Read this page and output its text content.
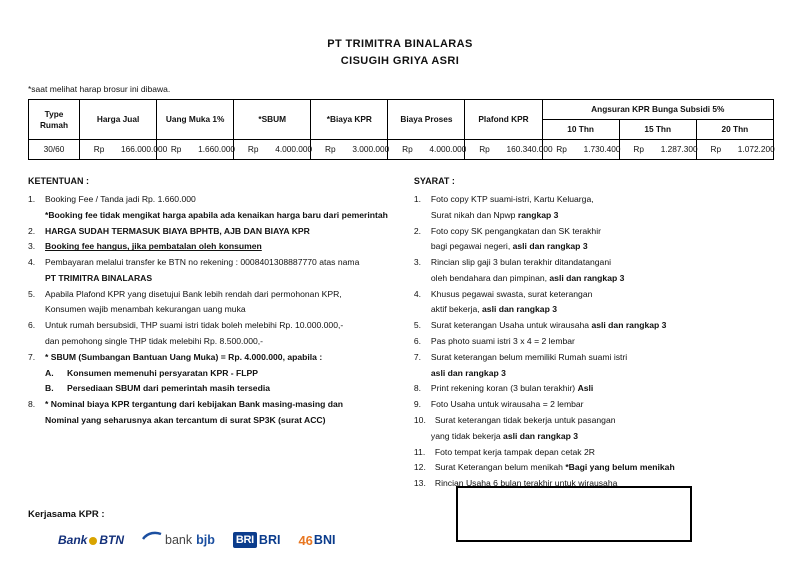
PT TRIMITRA BINALARAS
CISUGIH GRIYA ASRI
*saat melihat harap brosur ini dibawa.
Type
Rumah	Harga Jual		Uang Muka 1%		*SBUM		*Biaya KPR		Biaya Proses		Plafond KPR		Angsuran KPR Bunga Subsidi 5%					
													10 Thn		15 Thn		20 Thn	
30/60	Rp	166.000.000	Rp	1.660.000	Rp	4.000.000	Rp	3.000.000	Rp	4.000.000	Rp	160.340.000	Rp	1.730.400	Rp	1.287.300	Rp	1.072.200
KETENTUAN :
1.	Booking Fee / Tanda jadi Rp. 1.660.000
*Booking fee tidak mengikat harga apabila ada kenaikan harga baru dari pemerintah
2.	HARGA SUDAH TERMASUK BIAYA BPHTB, AJB DAN BIAYA KPR
3.	Booking fee hangus, jika pembatalan oleh konsumen
4.	Pembayaran melalui transfer ke BTN no rekening : 0008401308887770 atas nama
PT TRIMITRA BINALARAS
5.	Apabila Plafond KPR yang disetujui Bank lebih rendah dari permohonan KPR,
Konsumen wajib menambah kekurangan uang muka
6.	Untuk rumah bersubsidi, THP suami istri tidak boleh melebihi Rp. 10.000.000,-
dan pemohong single THP tidak melebihi Rp. 8.500.000,-
7.	* SBUM (Sumbangan Bantuan Uang Muka) = Rp. 4.000.000, apabila :
A.	Konsumen memenuhi persyaratan KPR - FLPP
B.	Persediaan SBUM dari pemerintah masih tersedia
8.	* Nominal biaya KPR tergantung dari kebijakan Bank masing-masing dan
Nominal yang seharusnya akan tercantum di surat SP3K (surat ACC)
SYARAT :
1.	Foto copy KTP suami-istri, Kartu Keluarga,
Surat nikah dan Npwp rangkap 3
2.	Foto copy SK pengangkatan dan SK terakhir
bagi pegawai negeri, asli dan rangkap 3
3.	Rincian slip gaji 3 bulan terakhir ditandatangani
oleh bendahara dan pimpinan, asli dan rangkap 3
4.	Khusus pegawai swasta, surat keterangan
aktif bekerja, asli dan rangkap 3
5.	Surat keterangan Usaha untuk wirausaha asli dan rangkap 3
6.	Pas photo suami istri 3 x 4 = 2 lembar
7.	Surat keterangan belum memiliki Rumah suami istri
asli dan rangkap 3
8.	Print rekening koran (3 bulan terakhir) Asli
9.	Foto Usaha untuk wirausaha = 2 lembar
10.	Surat keterangan tidak bekerja untuk pasangan
yang tidak bekerja asli dan rangkap 3
11.	Foto tempat kerja tampak depan cetak 2R
12.	Surat Keterangan belum menikah *Bagi yang belum menikah
13.	Rincian Usaha 6 bulan terakhir untuk wirausaha
Kerjasama KPR :
Bank BTN	bank bjb BRI BRI 46 BNI
